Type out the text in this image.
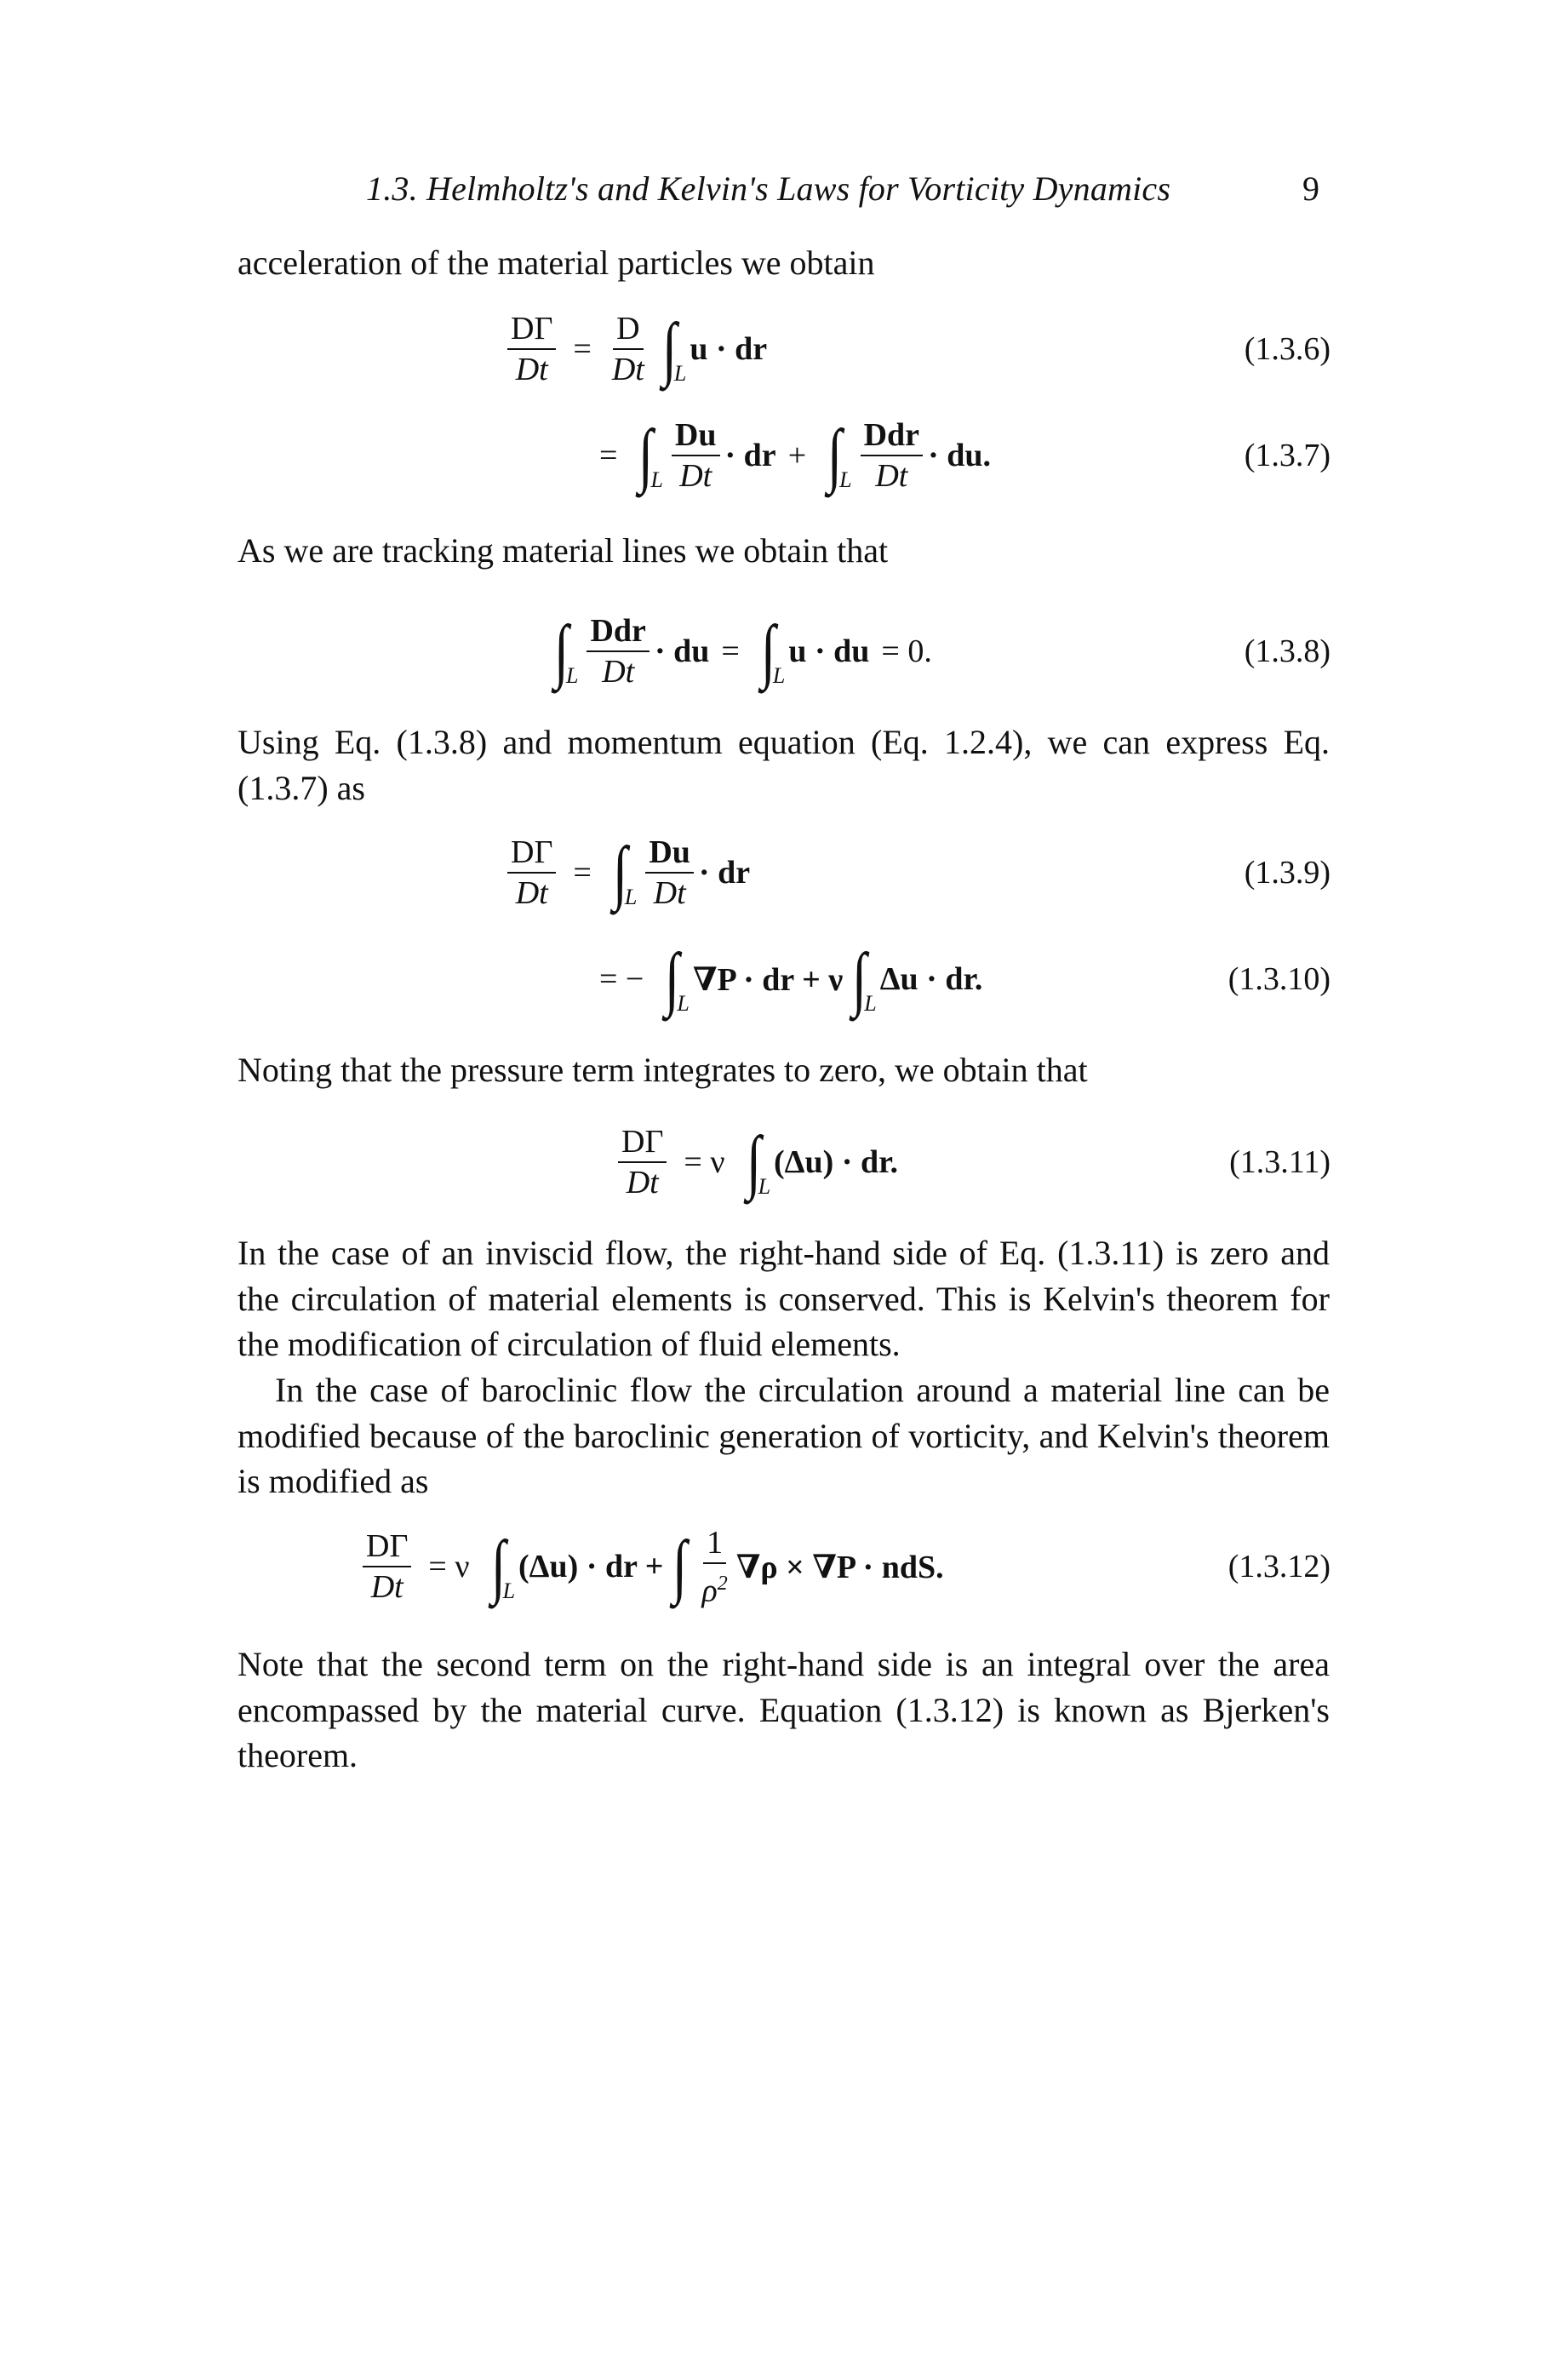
1.3. Helmholtz's and Kelvin's Laws for Vorticity Dynamics	9
acceleration of the material particles we obtain
$\frac{D\Gamma}{Dt} = \frac{D}{Dt}$ ∫
L
u · dr	(1.3.6)
= ∫
L $\frac{Du}{Dt}$ · dr + ∫
L $\frac{\text{Ddr}}{Dt}$ · du.	(1.3.7)
As we are tracking material lines we obtain that
∫
L $\frac{\text{Ddr}}{Dt}$ · du = ∫
L
u · du = 0.	(1.3.8)
Using Eq. (1.3.8) and momentum equation (Eq. 1.2.4), we can express Eq. (1.3.7) as
$\frac{D\Gamma}{Dt}$ = ∫
L $\frac{Du}{Dt}$ · dr	(1.3.9)
= − ∫
L
∇P · dr + ν ∫
L
Δu · dr.	(1.3.10)
Noting that the pressure term integrates to zero, we obtain that
$\frac{D\Gamma}{Dt} = \nu$ ∫
L
(Δu) · dr.	(1.3.11)
In the case of an inviscid flow, the right-hand side of Eq. (1.3.11) is zero and the circulation of material elements is conserved. This is Kelvin's theorem for the modification of circulation of fluid elements.
In the case of baroclinic flow the circulation around a material line can be modified because of the baroclinic generation of vorticity, and Kelvin's theorem is modified as
$\frac{D\Gamma}{Dt} = \nu$ ∫
L
(Δu) · dr + ∫ $\frac{1}{\rho^2} \nabla\rho \times \nabla P$ · ndS.	(1.3.12)
Note that the second term on the right-hand side is an integral over the area encompassed by the material curve. Equation (1.3.12) is known as Bjerken's theorem.
